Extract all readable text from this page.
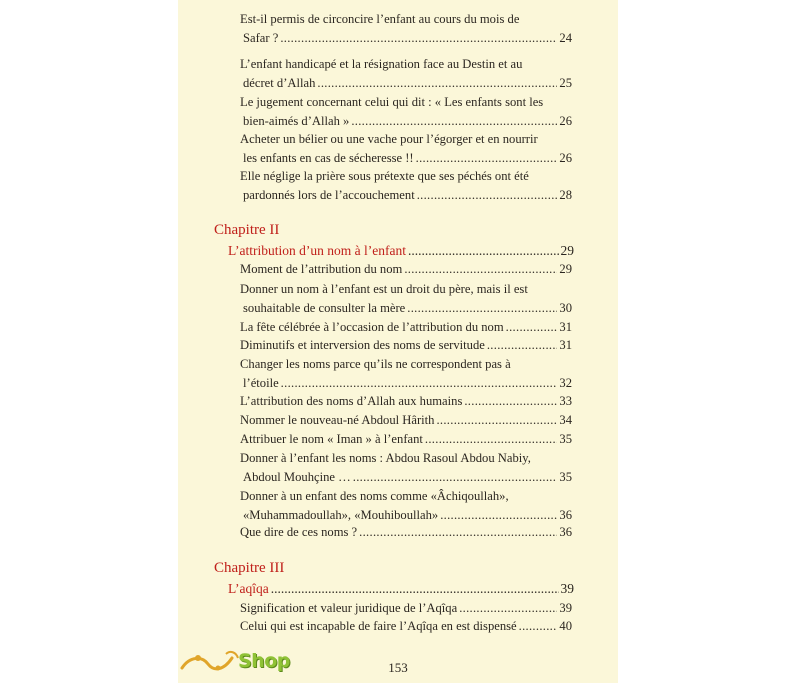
Est-il permis de circoncire l’enfant au cours du mois de
Safar ? .....	24
L’enfant handicapé et la résignation face au Destin et au
décret d’Allah .....	25
Le jugement concernant celui qui dit : « Les enfants sont les
bien-aimés d’Allah » .....	26
Acheter un bélier ou une vache pour l’égorger et en nourrir
les enfants en cas de sécheresse !! .....	26
Elle néglige la prière sous prétexte que ses péchés ont été
pardonnés lors de l’accouchement .....	28
Chapitre II
L’attribution d’un nom à l’enfant .....	29
Moment de l’attribution du nom .....	29
Donner un nom à l’enfant est un droit du père, mais il est
souhaitable de consulter la mère .....	30
La fête célébrée à l’occasion de l’attribution du nom .....	31
Diminutifs et interversion des noms de servitude .....	31
Changer les noms parce qu’ils ne correspondent pas à
l’étoile .....	32
L’attribution des noms d’Allah aux humains .....	33
Nommer le nouveau-né Abdoul Hârith .....	34
Attribuer le nom « Iman » à l’enfant .....	35
Donner à l’enfant les noms : Abdou Rasoul Abdou Nabiy,
Abdoul Mouhçine … .....	35
Donner à un enfant des noms comme «Âchiqoullah»,
«Muhammadoullah», «Mouhiboullah» .....	36
Que dire de ces noms ? .....	36
Chapitre III
L’aqîqa .....	39
Signification et valeur juridique de l’Aqîqa .....	39
Celui qui est incapable de faire l’Aqîqa en est dispensé .....	40
153
Shop
